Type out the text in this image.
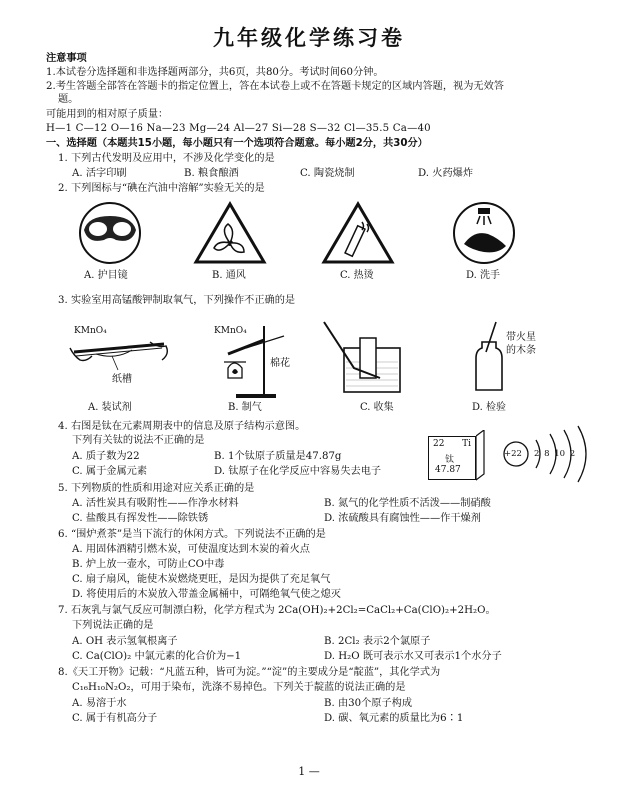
九年级化学练习卷
注意事项
1.本试卷分选择题和非选择题两部分，共6页，共80分。考试时间60分钟。
2.考生答题全部答在答题卡的指定位置上，答在本试卷上或不在答题卡规定的区域内答题，视为无效答
题。
可能用到的相对原子质量：
H—1 C—12 O—16 Na—23 Mg—24 Al—27 Si—28 S—32 Cl—35.5 Ca—40
一、选择题（本题共15小题，每小题只有一个选项符合题意。每小题2分，共30分）
1. 下列古代发明及应用中，不涉及化学变化的是
A. 活字印刷	B. 粮食酿酒	C. 陶瓷烧制	D. 火药爆炸
2. 下列图标与“碘在汽油中溶解”实验无关的是
A. 护目镜	B. 通风	C. 热烫	D. 洗手
3. 实验室用高锰酸钾制取氧气，下列操作不正确的是
KMnO₄
纸槽
KMnO₄
棉花
带火星
的木条
A. 装试剂	B. 制气	C. 收集	D. 检验
4. 右图是钛在元素周期表中的信息及原子结构示意图。
下列有关钛的说法不正确的是
A. 质子数为22	B. 1个钛原子质量是47.87g
C. 属于金属元素	D. 钛原子在化学反应中容易失去电子
22 Ti
钛
47.87
+22 2 8 10 2
5. 下列物质的性质和用途对应关系正确的是
A. 活性炭具有吸附性——作净水材料	B. 氮气的化学性质不活泼——制硝酸
C. 盐酸具有挥发性——除铁锈	D. 浓硫酸具有腐蚀性——作干燥剂
6. “围炉煮茶”是当下流行的休闲方式。下列说法不正确的是
A. 用固体酒精引燃木炭，可使温度达到木炭的着火点
B. 炉上放一壶水，可防止CO中毒
C. 扇子扇风，能使木炭燃烧更旺，是因为提供了充足氧气
D. 将使用后的木炭放入带盖金属桶中，可隔绝氧气使之熄灭
7. 石灰乳与氯气反应可制漂白粉，化学方程式为 2Ca(OH)₂+2Cl₂=CaCl₂+Ca(ClO)₂+2H₂O。
下列说法正确的是
A. OH 表示氢氧根离子	B. 2Cl₂ 表示2个氯原子
C. Ca(ClO)₂ 中氯元素的化合价为−1	D. H₂O 既可表示水又可表示1个水分子
8.《天工开物》记载：“凡蓝五种，皆可为淀。”“淀”的主要成分是“靛蓝”，其化学式为
C₁₆H₁₀N₂O₂，可用于染布，洗涤不易掉色。下列关于靛蓝的说法正确的是
A. 易溶于水	B. 由30个原子构成
C. 属于有机高分子	D. 碳、氧元素的质量比为6∶1
1 —
